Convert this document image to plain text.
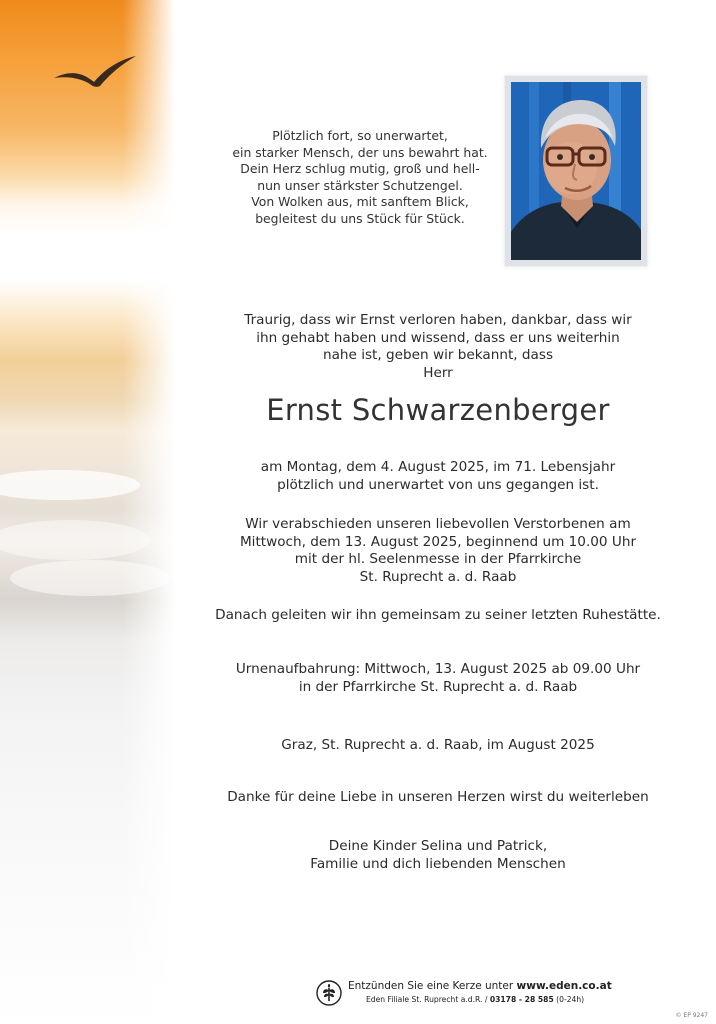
Plötzlich fort, so unerwartet,
ein starker Mensch, der uns bewahrt hat.
Dein Herz schlug mutig, groß und hell-
nun unser stärkster Schutzengel.
Von Wolken aus, mit sanftem Blick,
begleitest du uns Stück für Stück.
Traurig, dass wir Ernst verloren haben, dankbar, dass wir
ihn gehabt haben und wissend, dass er uns weiterhin
nahe ist, geben wir bekannt, dass
Herr
Ernst Schwarzenberger
am Montag, dem 4. August 2025, im 71. Lebensjahr
plötzlich und unerwartet von uns gegangen ist.
Wir verabschieden unseren liebevollen Verstorbenen am
Mittwoch, dem 13. August 2025, beginnend um 10.00 Uhr
mit der hl. Seelenmesse in der Pfarrkirche
St. Ruprecht a. d. Raab
Danach geleiten wir ihn gemeinsam zu seiner letzten Ruhestätte.
Urnenaufbahrung: Mittwoch, 13. August 2025 ab 09.00 Uhr
in der Pfarrkirche St. Ruprecht a. d. Raab
Graz, St. Ruprecht a. d. Raab, im August 2025
Danke für deine Liebe in unseren Herzen wirst du weiterleben
Deine Kinder Selina und Patrick,
Familie und dich liebenden Menschen
Entzünden Sie eine Kerze unter www.eden.co.at
Eden Filiale St. Ruprecht a.d.R. / 03178 - 28 585 (0-24h)
© EP 9247
